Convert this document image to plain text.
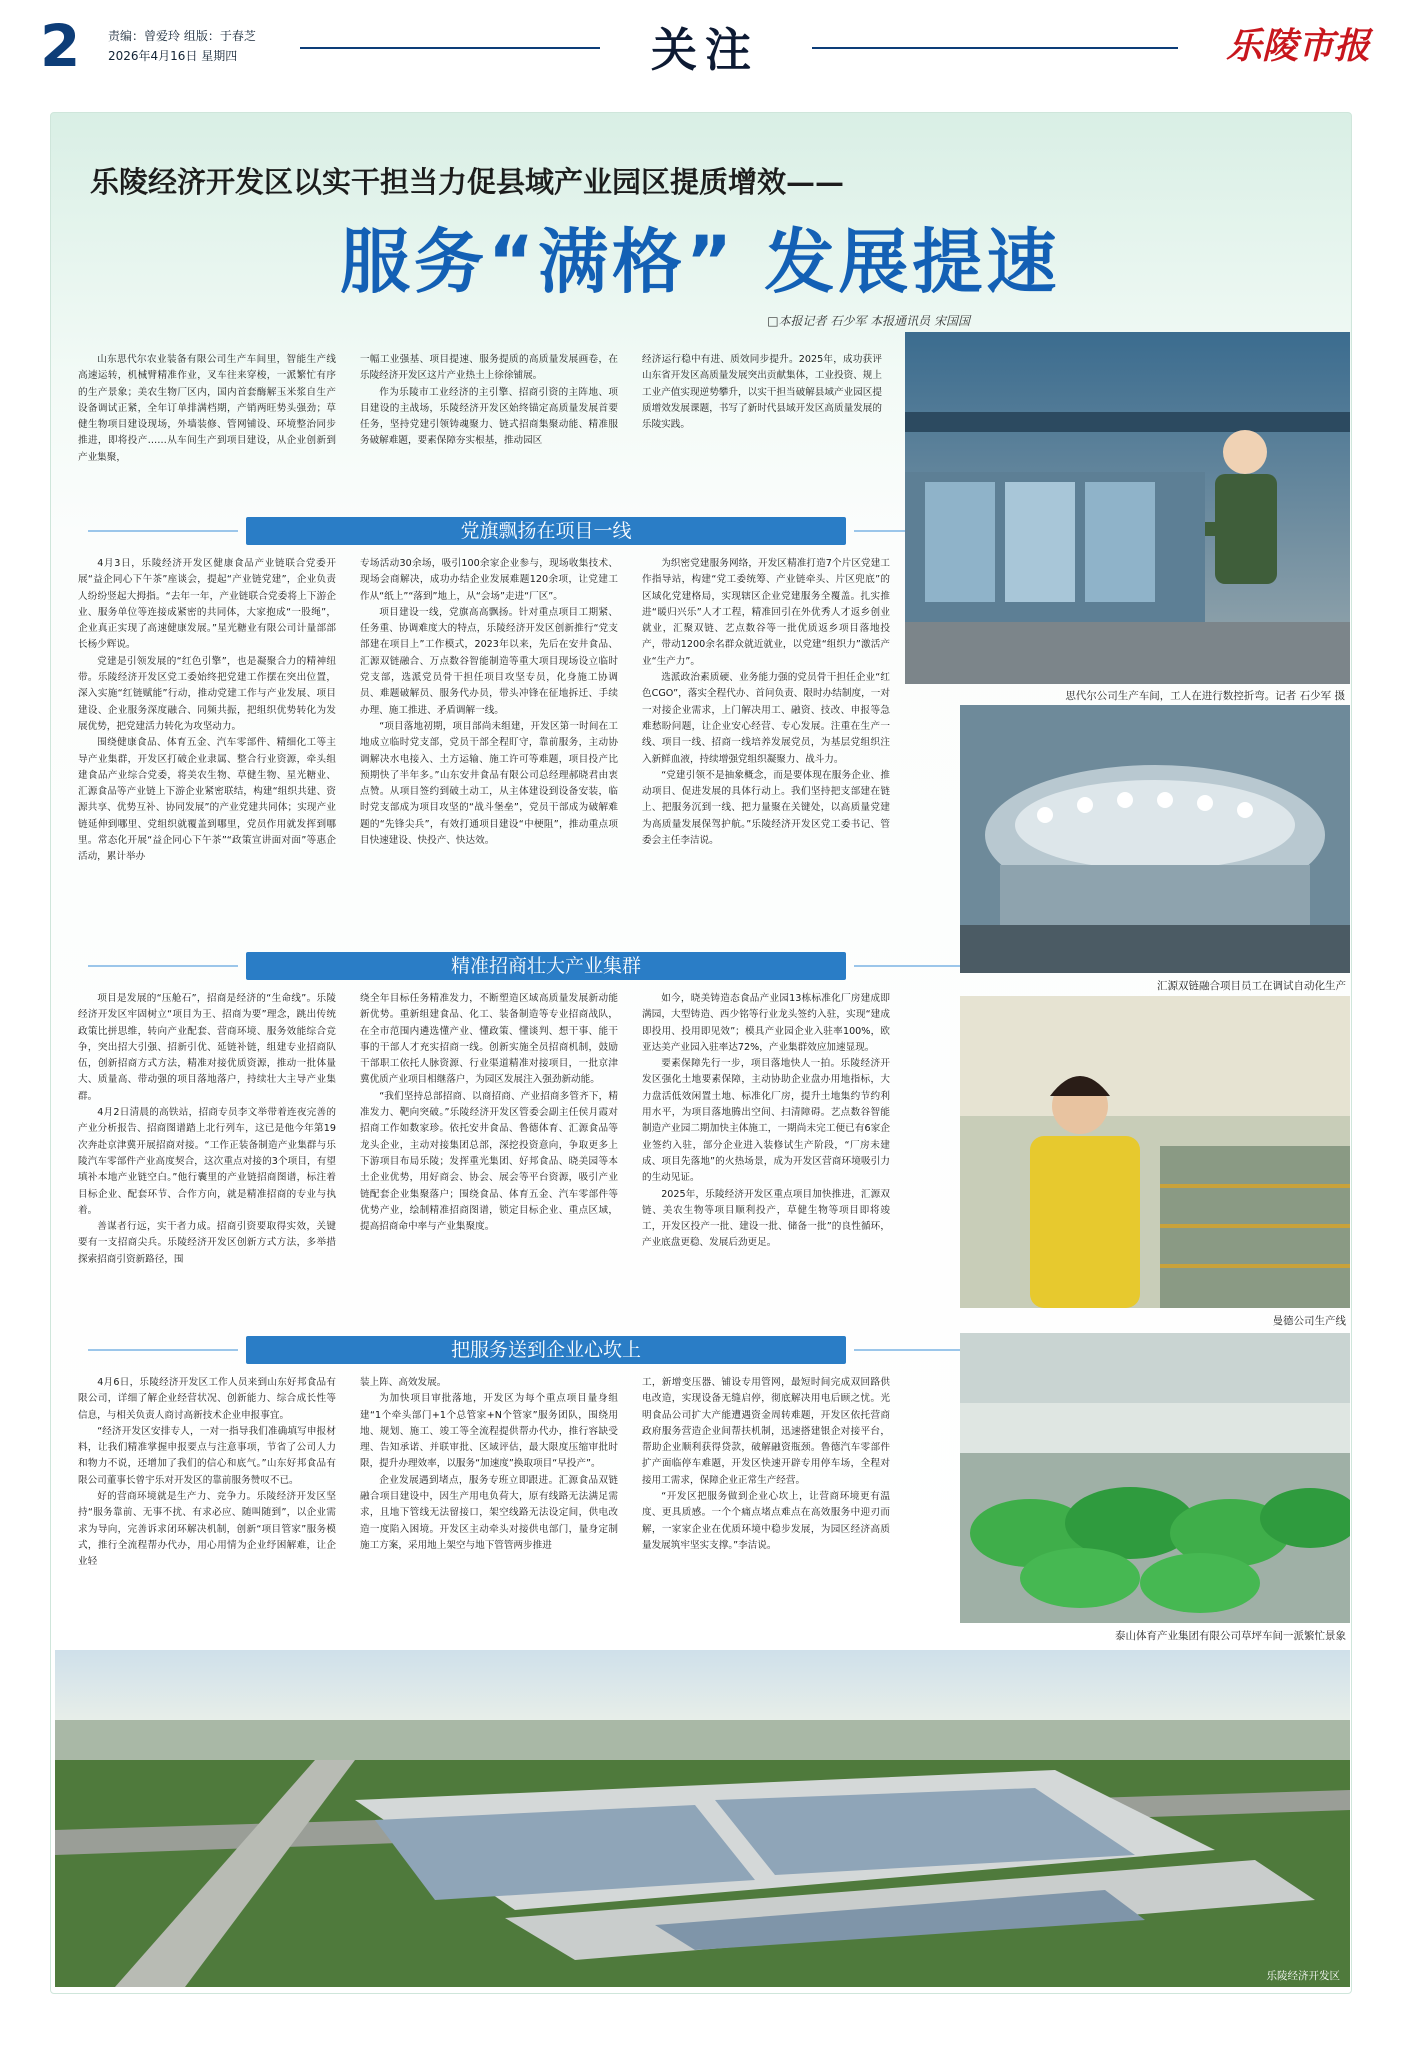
2 责编：曾爱玲 组版：于春芝
2026年4月16日 星期四	关注	乐陵市报
乐陵经济开发区以实干担当力促县域产业园区提质增效——
服务“满格” 发展提速
□本报记者 石少军 本报通讯员 宋国国

山东思代尔农业装备有限公司生产车间里，智能生产线高速运转，机械臂精准作业，叉车往来穿梭，一派繁忙有序的生产景象；美农生物厂区内，国内首套酶解玉米浆自生产设备调试正紧，全年订单排满档期，产销两旺势头强劲；草健生物项目建设现场，外墙装修、管网铺设、环境整治同步推进，即将投产……从车间生产到项目建设，从企业创新到产业集聚，

一幅工业强基、项目提速、服务提质的高质量发展画卷，在乐陵经济开发区这片产业热土上徐徐铺展。

作为乐陵市工业经济的主引擎、招商引资的主阵地、项目建设的主战场，乐陵经济开发区始终锚定高质量发展首要任务，坚持党建引领铸魂聚力、链式招商集聚动能、精准服务破解难题，要素保障夯实根基，推动园区

经济运行稳中有进、质效同步提升。2025年，成功获评山东省开发区高质量发展突出贡献集体，工业投资、规上工业产值实现逆势攀升，以实干担当破解县域产业园区提质增效发展课题，书写了新时代县域开发区高质量发展的乐陵实践。

党旗飘扬在项目一线

4月3日，乐陵经济开发区健康食品产业链联合党委开展“益企同心下午茶”座谈会，提起“产业链党建”，企业负责人纷纷竖起大拇指。“去年一年，产业链联合党委将上下游企业、服务单位等连接成紧密的共同体，大家抱成“一股绳”，企业真正实现了高速健康发展。”星光糖业有限公司计量部部长杨少辉说。

党建是引领发展的“红色引擎”，也是凝聚合力的精神纽带。乐陵经济开发区党工委始终把党建工作摆在突出位置，深入实施“红链赋能”行动，推动党建工作与产业发展、项目建设、企业服务深度融合、同频共振，把组织优势转化为发展优势，把党建活力转化为攻坚动力。

围绕健康食品、体育五金、汽车零部件、精细化工等主导产业集群，开发区打破企业隶属、整合行业资源，牵头组建食品产业综合党委，将美农生物、草健生物、星光糖业、汇源食品等产业链上下游企业紧密联结，构建“组织共建、资源共享、优势互补、协同发展”的产业党建共同体；实现产业链延伸到哪里、党组织就覆盖到哪里，党员作用就发挥到哪里。常态化开展“益企同心下午茶”“政策宣讲面对面”等惠企活动，累计举办

专场活动30余场，吸引100余家企业参与，现场收集技术、现场会商解决，成功办结企业发展难题120余项，让党建工作从“纸上”“落到”地上，从“会场”走进“厂区”。

项目建设一线，党旗高高飘扬。针对重点项目工期紧、任务重、协调难度大的特点，乐陵经济开发区创新推行“党支部建在项目上”工作模式，2023年以来，先后在安井食品、汇源双链融合、万点数谷智能制造等重大项目现场设立临时党支部，选派党员骨干担任项目攻坚专员，化身施工协调员、难题破解员、服务代办员，带头冲锋在征地拆迁、手续办理、施工推进、矛盾调解一线。

“项目落地初期，项目部尚未组建，开发区第一时间在工地成立临时党支部，党员干部全程盯守，靠前服务，主动协调解决水电接入、土方运输、施工许可等难题，项目投产比预期快了半年多。”山东安井食品有限公司总经理郝晓君由衷点赞。从项目签约到破土动工，从主体建设到设备安装，临时党支部成为项目攻坚的“战斗堡垒”，党员干部成为破解难题的“先锋尖兵”，有效打通项目建设“中梗阻”，推动重点项目快速建设、快投产、快达效。

为织密党建服务网络，开发区精准打造7个片区党建工作指导站，构建“党工委统筹、产业链牵头、片区兜底”的区域化党建格局，实现辖区企业党建服务全覆盖。扎实推进“暖归兴乐”人才工程，精准回引在外优秀人才返乡创业就业，汇聚双链、艺点数谷等一批优质返乡项目落地投产，带动1200余名群众就近就业，以党建“组织力”激活产业“生产力”。

选派政治素质硬、业务能力强的党员骨干担任企业“红色CGO”，落实全程代办、首问负责、限时办结制度，一对一对接企业需求，上门解决用工、融资、技改、申报等急难愁盼问题，让企业安心经营、专心发展。注重在生产一线、项目一线、招商一线培养发展党员，为基层党组织注入新鲜血液，持续增强党组织凝聚力、战斗力。

“党建引领不是抽象概念，而是要体现在服务企业、推动项目、促进发展的具体行动上。我们坚持把支部建在链上、把服务沉到一线、把力量聚在关键处，以高质量党建为高质量发展保驾护航。”乐陵经济开发区党工委书记、管委会主任李洁说。

精准招商壮大产业集群

项目是发展的“压舱石”，招商是经济的“生命线”。乐陵经济开发区牢固树立“项目为王、招商为要”理念，跳出传统政策比拼思维，转向产业配套、营商环境、服务效能综合竞争，突出招大引强、招新引优、延链补链，组建专业招商队伍，创新招商方式方法，精准对接优质资源，推动一批体量大、质量高、带动强的项目落地落户，持续壮大主导产业集群。

4月2日清晨的高铁站，招商专员李文举带着连夜完善的产业分析报告、招商图谱踏上北行列车，这已是他今年第19次奔赴京津冀开展招商对接。“工作正装备制造产业集群与乐陵汽车零部件产业高度契合，这次重点对接的3个项目，有望填补本地产业链空白。”他行囊里的产业链招商图谱，标注着目标企业、配套环节、合作方向，就是精准招商的专业与执着。

善谋者行远，实干者力成。招商引资要取得实效，关键要有一支招商尖兵。乐陵经济开发区创新方式方法，多举措探索招商引资新路径，围

绕全年目标任务精准发力，不断塑造区域高质量发展新动能新优势。重新组建食品、化工、装备制造等专业招商战队，在全市范围内遴选懂产业、懂政策、懂谈判、想干事、能干事的干部人才充实招商一线。创新实施全员招商机制，鼓励干部职工依托人脉资源、行业渠道精准对接项目，一批京津冀优质产业项目相继落户，为园区发展注入强劲新动能。

“我们坚持总部招商、以商招商、产业招商多管齐下，精准发力、靶向突破。”乐陵经济开发区管委会副主任侯月霞对招商工作如数家珍。依托安井食品、鲁德体育、汇源食品等龙头企业，主动对接集团总部，深挖投资意向，争取更多上下游项目布局乐陵；发挥重光集团、好邦食品、晓美园等本土企业优势，用好商会、协会、展会等平台资源，吸引产业链配套企业集聚落户；围绕食品、体育五金、汽车零部件等优势产业，绘制精准招商图谱，锁定目标企业、重点区域，提高招商命中率与产业集聚度。

如今，晓美铸造态食品产业园13栋标准化厂房建成即满园，大型铸造、西少铭等行业龙头签约入驻，实现“建成即投用、投用即见效”；模具产业园企业入驻率100%，欧亚达美产业园入驻率达72%，产业集群效应加速显现。

要素保障先行一步，项目落地快人一拍。乐陵经济开发区强化土地要素保障，主动协助企业盘办用地指标，大力盘活低效闲置土地、标准化厂房，提升土地集约节约利用水平，为项目落地腾出空间、扫清障碍。艺点数谷智能制造产业园二期加快主体施工，一期尚未完工便已有6家企业签约入驻，部分企业进入装修试生产阶段，“厂房未建成、项目先落地”的火热场景，成为开发区营商环境吸引力的生动见证。

2025年，乐陵经济开发区重点项目加快推进，汇源双链、美农生物等项目顺利投产，草健生物等项目即将竣工，开发区投产一批、建设一批、储备一批”的良性循环，产业底盘更稳、发展后劲更足。

把服务送到企业心坎上

4月6日，乐陵经济开发区工作人员来到山东好邦食品有限公司，详细了解企业经营状况、创新能力、综合成长性等信息，与相关负责人商讨高新技术企业申报事宜。

“经济开发区安排专人，一对一指导我们准确填写申报材料，让我们精准掌握申报要点与注意事项，节省了公司人力和物力不说，还增加了我们的信心和底气。”山东好邦食品有限公司董事长曾宇乐对开发区的靠前服务赞叹不已。

好的营商环境就是生产力、竞争力。乐陵经济开发区坚持“服务靠前、无事不扰、有求必应、随叫随到”，以企业需求为导向，完善诉求闭环解决机制，创新“项目管家”服务模式，推行全流程帮办代办，用心用情为企业纾困解难，让企业轻

装上阵、高效发展。

为加快项目审批落地，开发区为每个重点项目量身组建“1个牵头部门+1个总管家+N个管家”服务团队，围绕用地、规划、施工、竣工等全流程提供帮办代办，推行容缺受理、告知承诺、并联审批、区域评估，最大限度压缩审批时限，提升办理效率，以服务“加速度”换取项目“早投产”。

企业发展遇到堵点，服务专班立即跟进。汇源食品双链融合项目建设中，因生产用电负荷大，原有线路无法满足需求，且地下管线无法留接口，架空线路无法设定间，供电改造一度陷入困境。开发区主动牵头对接供电部门，量身定制施工方案，采用地上架空与地下管管两步推进

工，新增变压器、铺设专用管网，最短时间完成双回路供电改造，实现设备无缝启停，彻底解决用电后顾之忧。光明食品公司扩大产能遭遇资金周转难题，开发区依托营商政府服务营造企业间帮扶机制，迅速搭建银企对接平台，帮助企业顺利获得贷款，破解融资瓶颈。鲁德汽车零部件扩产面临停车难题，开发区快速开辟专用停车场，全程对接用工需求，保障企业正常生产经营。

“开发区把服务做到企业心坎上，让营商环境更有温度、更具质感。一个个痛点堵点难点在高效服务中迎刃而解，一家家企业在优质环境中稳步发展，为园区经济高质量发展筑牢坚实支撑。”李洁说。

思代尔公司生产车间，工人在进行数控折弯。记者 石少军 摄
汇源双链融合项目员工在调试自动化生产
曼德公司生产线
泰山体育产业集团有限公司草坪车间一派繁忙景象
乐陵经济开发区
